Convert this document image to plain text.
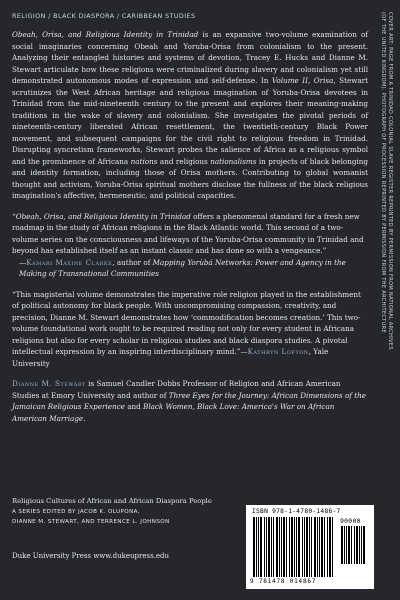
RELIGION / BLACK DIASPORA / CARIBBEAN STUDIES

Obeah, Orisa, and Religious Identity in Trinidad is an expansive two-volume examination of social imaginaries concerning Obeah and Yoruba-Orisa from colonialism to the present. Analyzing their entangled histories and systems of devotion, Tracey E. Hucks and Dianne M. Stewart articulate how these religions were criminalized during slavery and colonialism yet still demonstrated autonomous modes of expression and self-defense. In Volume II, Orisa, Stewart scrutinizes the West African heritage and religious imagination of Yoruba-Orisa devotees in Trinidad from the mid-nineteenth century to the present and explores their meaning-making traditions in the wake of slavery and colonialism. She investigates the pivotal periods of nineteenth-century liberated African resettlement, the twentieth-century Black Power movement, and subsequent campaigns for the civil right to religious freedom in Trinidad. Disrupting syncretism frameworks, Stewart probes the salience of Africa as a religious symbol and the prominence of Africana nations and religious nationalisms in projects of black belonging and identity formation, including those of Orisa mothers. Contributing to global womanist thought and activism, Yoruba-Orisa spiritual mothers disclose the fullness of the black religious imagination's affective, hermeneutic, and political capacities.

“Obeah, Orisa, and Religious Identity in Trinidad offers a phenomenal standard for a fresh new roadmap in the study of African religions in the Black Atlantic world. This second of a two-volume series on the consciousness and lifeways of the Yoruba-Orisa community in Trinidad and beyond has established itself as an instant classic and has done so with a vengeance.”

—Kamari Maxine Clarke, author of Mapping Yorùbá Networks: Power and Agency in the Making of Transnational Communities

“This magisterial volume demonstrates the imperative role religion played in the establishment of political autonomy for black people. With uncompromising compassion, creativity, and precision, Dianne M. Stewart demonstrates how ‘commodification becomes creation.’ This two-volume foundational work ought to be required reading not only for every student in Africana religions but also for every scholar in religious studies and black diaspora studies. A pivotal intellectual expression by an inspiring interdisciplinary mind.”—Kathryn Lofton, Yale University

Dianne M. Stewart is Samuel Candler Dobbs Professor of Religion and African American Studies at Emory University and author of Three Eyes for the Journey: African Dimensions of the Jamaican Religious Experience and Black Women, Black Love: America's War on African American Marriage.

Religious Cultures of African and African Diaspora People
A SERIES EDITED BY JACOB K. OLUPONA,
DIANNE M. STEWART, AND TERRENCE L. JOHNSON
Duke University Press www.dukeupress.edu
ISBN 978-1-4780-1486-7
90000
9 781478 014867
COVER ART: PAGE FROM A TRINIDAD COLONIAL SLAVE REGISTER REPRINTED BY PERMISSION FROM NATIONAL ARCHIVES
(OF THE UNITED KINGDOM). PHOTOGRAPH OF PROCESSION REPRINTED BY PERMISSION FROM THE ARCHITECTURE
